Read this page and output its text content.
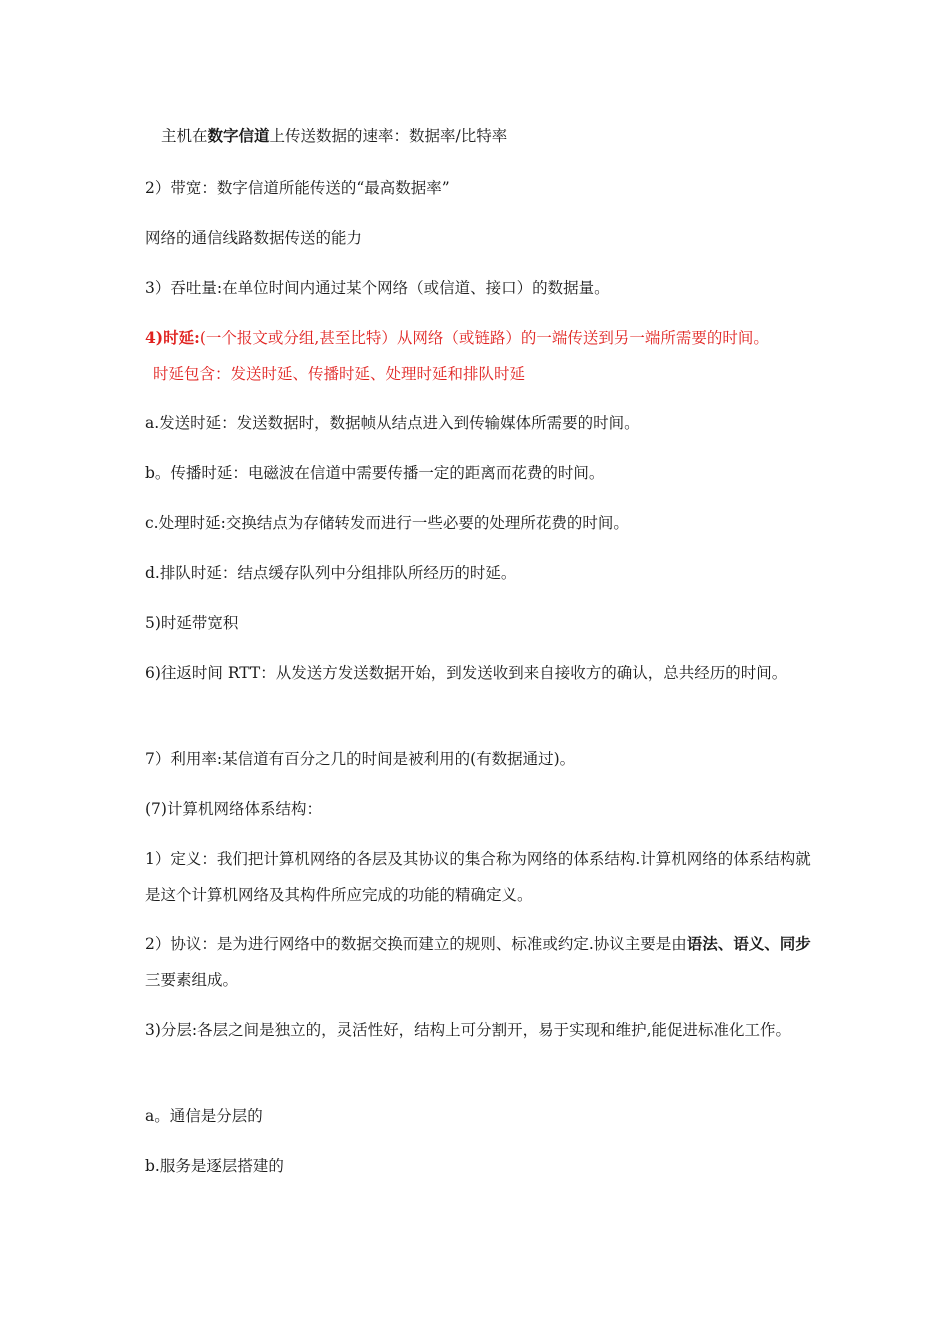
主机在数字信道上传送数据的速率：数据率/比特率
2）带宽：数字信道所能传送的“最高数据率”
网络的通信线路数据传送的能力
3）吞吐量:在单位时间内通过某个网络（或信道、接口）的数据量。
4)时延:(一个报文或分组,甚至比特）从网络（或链路）的一端传送到另一端所需要的时间。
时延包含：发送时延、传播时延、处理时延和排队时延
a.发送时延：发送数据时，数据帧从结点进入到传输媒体所需要的时间。
b。传播时延：电磁波在信道中需要传播一定的距离而花费的时间。
c.处理时延:交换结点为存储转发而进行一些必要的处理所花费的时间。
d.排队时延：结点缓存队列中分组排队所经历的时延。
5)时延带宽积
6)往返时间 RTT：从发送方发送数据开始，到发送收到来自接收方的确认，总共经历的时间。
7）利用率:某信道有百分之几的时间是被利用的(有数据通过)。
(7)计算机网络体系结构：
1）定义：我们把计算机网络的各层及其协议的集合称为网络的体系结构.计算机网络的体系结构就是这个计算机网络及其构件所应完成的功能的精确定义。
2）协议：是为进行网络中的数据交换而建立的规则、标准或约定.协议主要是由语法、语义、同步三要素组成。
3)分层:各层之间是独立的，灵活性好，结构上可分割开，易于实现和维护,能促进标准化工作。
a。通信是分层的
b.服务是逐层搭建的
